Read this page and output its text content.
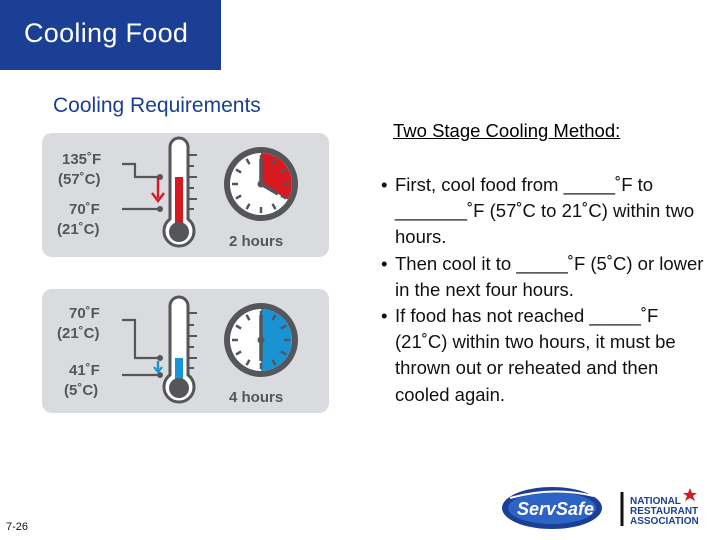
Cooling Food
Cooling Requirements
135˚F
(57˚C)
70˚F
(21˚C)
2 hours
70˚F
(21˚C)
41˚F
(5˚C)	4 hours
Two Stage Cooling Method:
• First, cool food from _____˚F to _______˚F (57˚C to 21˚C) within two hours.
• Then cool it to _____˚F (5˚C) or lower in the next four hours.
• If food has not reached _____˚F (21˚C) within two hours, it must be thrown out or reheated and then cooled again.
7-26
ServSafe	NATIONAL
RESTAURANT
ASSOCIATION
